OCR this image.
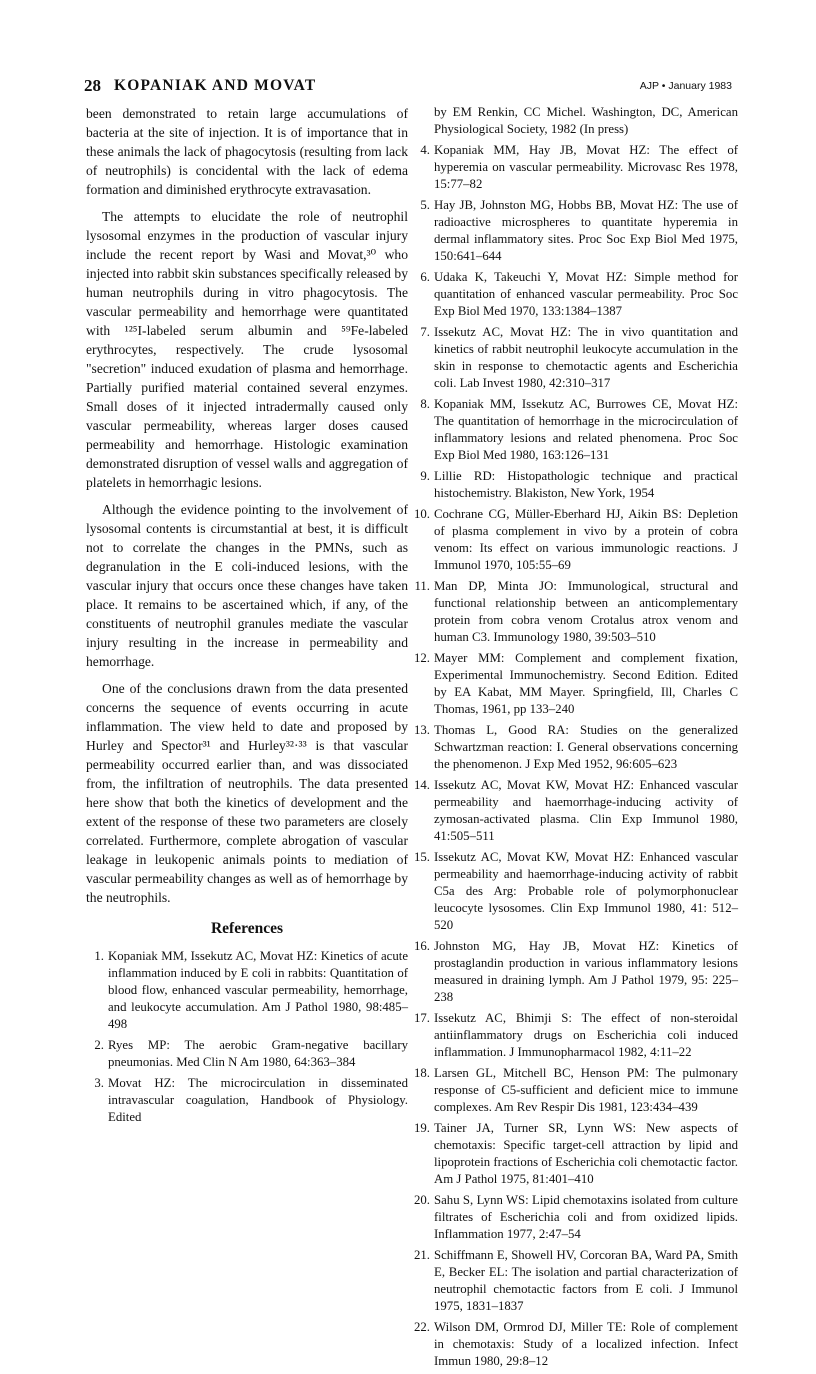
28 KOPANIAK AND MOVAT	AJP • January 1983

been demonstrated to retain large accumulations of bacteria at the site of injection. It is of importance that in these animals the lack of phagocytosis (resulting from lack of neutrophils) is concidental with the lack of edema formation and diminished erythrocyte extravasation.

The attempts to elucidate the role of neutrophil lysosomal enzymes in the production of vascular injury include the recent report by Wasi and Movat,³⁰ who injected into rabbit skin substances specifically released by human neutrophils during in vitro phagocytosis. The vascular permeability and hemorrhage were quantitated with ¹²⁵I-labeled serum albumin and ⁵⁹Fe-labeled erythrocytes, respectively. The crude lysosomal "secretion" induced exudation of plasma and hemorrhage. Partially purified material contained several enzymes. Small doses of it injected intradermally caused only vascular permeability, whereas larger doses caused permeability and hemorrhage. Histologic examination demonstrated disruption of vessel walls and aggregation of platelets in hemorrhagic lesions.

Although the evidence pointing to the involvement of lysosomal contents is circumstantial at best, it is difficult not to correlate the changes in the PMNs, such as degranulation in the E coli-induced lesions, with the vascular injury that occurs once these changes have taken place. It remains to be ascertained which, if any, of the constituents of neutrophil granules mediate the vascular injury resulting in the increase in permeability and hemorrhage.

One of the conclusions drawn from the data presented concerns the sequence of events occurring in acute inflammation. The view held to date and proposed by Hurley and Spector³¹ and Hurley³²·³³ is that vascular permeability occurred earlier than, and was dissociated from, the infiltration of neutrophils. The data presented here show that both the kinetics of development and the extent of the response of these two parameters are closely correlated. Furthermore, complete abrogation of vascular leakage in leukopenic animals points to mediation of vascular permeability changes as well as of hemorrhage by the neutrophils.

References
1. Kopaniak MM, Issekutz AC, Movat HZ: Kinetics of acute inflammation induced by E coli in rabbits: Quantitation of blood flow, enhanced vascular permeability, hemorrhage, and leukocyte accumulation. Am J Pathol 1980, 98:485–498
2. Ryes MP: The aerobic Gram-negative bacillary pneumonias. Med Clin N Am 1980, 64:363–384
3. Movat HZ: The microcirculation in disseminated intravascular coagulation, Handbook of Physiology. Edited
by EM Renkin, CC Michel. Washington, DC, American Physiological Society, 1982 (In press)
4. Kopaniak MM, Hay JB, Movat HZ: The effect of hyperemia on vascular permeability. Microvasc Res 1978, 15:77–82
5. Hay JB, Johnston MG, Hobbs BB, Movat HZ: The use of radioactive microspheres to quantitate hyperemia in dermal inflammatory sites. Proc Soc Exp Biol Med 1975, 150:641–644
6. Udaka K, Takeuchi Y, Movat HZ: Simple method for quantitation of enhanced vascular permeability. Proc Soc Exp Biol Med 1970, 133:1384–1387
7. Issekutz AC, Movat HZ: The in vivo quantitation and kinetics of rabbit neutrophil leukocyte accumulation in the skin in response to chemotactic agents and Escherichia coli. Lab Invest 1980, 42:310–317
8. Kopaniak MM, Issekutz AC, Burrowes CE, Movat HZ: The quantitation of hemorrhage in the microcirculation of inflammatory lesions and related phenomena. Proc Soc Exp Biol Med 1980, 163:126–131
9. Lillie RD: Histopathologic technique and practical histochemistry. Blakiston, New York, 1954
10. Cochrane CG, Müller-Eberhard HJ, Aikin BS: Depletion of plasma complement in vivo by a protein of cobra venom: Its effect on various immunologic reactions. J Immunol 1970, 105:55–69
11. Man DP, Minta JO: Immunological, structural and functional relationship between an anticomplementary protein from cobra venom Crotalus atrox venom and human C3. Immunology 1980, 39:503–510
12. Mayer MM: Complement and complement fixation, Experimental Immunochemistry. Second Edition. Edited by EA Kabat, MM Mayer. Springfield, Ill, Charles C Thomas, 1961, pp 133–240
13. Thomas L, Good RA: Studies on the generalized Schwartzman reaction: I. General observations concerning the phenomenon. J Exp Med 1952, 96:605–623
14. Issekutz AC, Movat KW, Movat HZ: Enhanced vascular permeability and haemorrhage-inducing activity of zymosan-activated plasma. Clin Exp Immunol 1980, 41:505–511
15. Issekutz AC, Movat KW, Movat HZ: Enhanced vascular permeability and haemorrhage-inducing activity of rabbit C5a des Arg: Probable role of polymorphonuclear leucocyte lysosomes. Clin Exp Immunol 1980, 41: 512–520
16. Johnston MG, Hay JB, Movat HZ: Kinetics of prostaglandin production in various inflammatory lesions measured in draining lymph. Am J Pathol 1979, 95: 225–238
17. Issekutz AC, Bhimji S: The effect of non-steroidal antiinflammatory drugs on Escherichia coli induced inflammation. J Immunopharmacol 1982, 4:11–22
18. Larsen GL, Mitchell BC, Henson PM: The pulmonary response of C5-sufficient and deficient mice to immune complexes. Am Rev Respir Dis 1981, 123:434–439
19. Tainer JA, Turner SR, Lynn WS: New aspects of chemotaxis: Specific target-cell attraction by lipid and lipoprotein fractions of Escherichia coli chemotactic factor. Am J Pathol 1975, 81:401–410
20. Sahu S, Lynn WS: Lipid chemotaxins isolated from culture filtrates of Escherichia coli and from oxidized lipids. Inflammation 1977, 2:47–54
21. Schiffmann E, Showell HV, Corcoran BA, Ward PA, Smith E, Becker EL: The isolation and partial characterization of neutrophil chemotactic factors from E coli. J Immunol 1975, 1831–1837
22. Wilson DM, Ormrod DJ, Miller TE: Role of complement in chemotaxis: Study of a localized infection. Infect Immun 1980, 29:8–12
